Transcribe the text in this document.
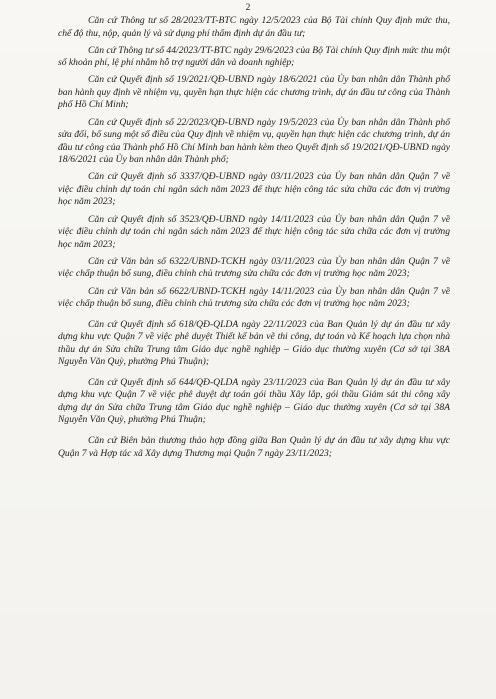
2

Căn cứ Thông tư số 28/2023/TT-BTC ngày 12/5/2023 của Bộ Tài chính Quy định mức thu, chế độ thu, nộp, quản lý và sử dụng phí thẩm định dự án đầu tư;

Căn cứ Thông tư số 44/2023/TT-BTC ngày 29/6/2023 của Bộ Tài chính Quy định mức thu một số khoản phí, lệ phí nhằm hỗ trợ người dân và doanh nghiệp;

Căn cứ Quyết định số 19/2021/QĐ-UBND ngày 18/6/2021 của Ủy ban nhân dân Thành phố ban hành quy định về nhiệm vụ, quyền hạn thực hiện các chương trình, dự án đầu tư công của Thành phố Hồ Chí Minh;

Căn cứ Quyết định số 22/2023/QĐ-UBND ngày 19/5/2023 của Ủy ban nhân dân Thành phố sửa đổi, bổ sung một số điều của Quy định về nhiệm vụ, quyền hạn thực hiện các chương trình, dự án đầu tư công của Thành phố Hồ Chí Minh ban hành kèm theo Quyết định số 19/2021/QĐ-UBND ngày 18/6/2021 của Ủy ban nhân dân Thành phố;

Căn cứ Quyết định số 3337/QĐ-UBND ngày 03/11/2023 của Ủy ban nhân dân Quận 7 về việc điều chỉnh dự toán chi ngân sách năm 2023 để thực hiện công tác sửa chữa các đơn vị trường học năm 2023;

Căn cứ Quyết định số 3523/QĐ-UBND ngày 14/11/2023 của Ủy ban nhân dân Quận 7 về việc điều chỉnh dự toán chi ngân sách năm 2023 để thực hiện công tác sửa chữa các đơn vị trường học năm 2023;

Căn cứ Văn bản số 6322/UBND-TCKH ngày 03/11/2023 của Ủy ban nhân dân Quận 7 về việc chấp thuận bổ sung, điều chỉnh chủ trương sửa chữa các đơn vị trường học năm 2023;

Căn cứ Văn bản số 6622/UBND-TCKH ngày 14/11/2023 của Ủy ban nhân dân Quận 7 về việc chấp thuận bổ sung, điều chỉnh chủ trương sửa chữa các đơn vị trường học năm 2023;

Căn cứ Quyết định số 618/QĐ-QLDA ngày 22/11/2023 của Ban Quản lý dự án đầu tư xây dựng khu vực Quận 7 về việc phê duyệt Thiết kế bản vẽ thi công, dự toán và Kế hoạch lựa chọn nhà thầu dự án Sửa chữa Trung tâm Giáo dục nghề nghiệp – Giáo dục thường xuyên (Cơ sở tại 38A Nguyễn Văn Quỳ, phường Phú Thuận);

Căn cứ Quyết định số 644/QĐ-QLDA ngày 23/11/2023 của Ban Quản lý dự án đầu tư xây dựng khu vực Quận 7 về việc phê duyệt dự toán gói thầu Xây lắp, gói thầu Giám sát thi công xây dựng dự án Sửa chữa Trung tâm Giáo dục nghề nghiệp – Giáo dục thường xuyên (Cơ sở tại 38A Nguyễn Văn Quỳ, phường Phú Thuận;

Căn cứ Biên bản thương thảo hợp đồng giữa Ban Quản lý dự án đầu tư xây dựng khu vực Quận 7 và Hợp tác xã Xây dựng Thương mại Quận 7 ngày 23/11/2023;
